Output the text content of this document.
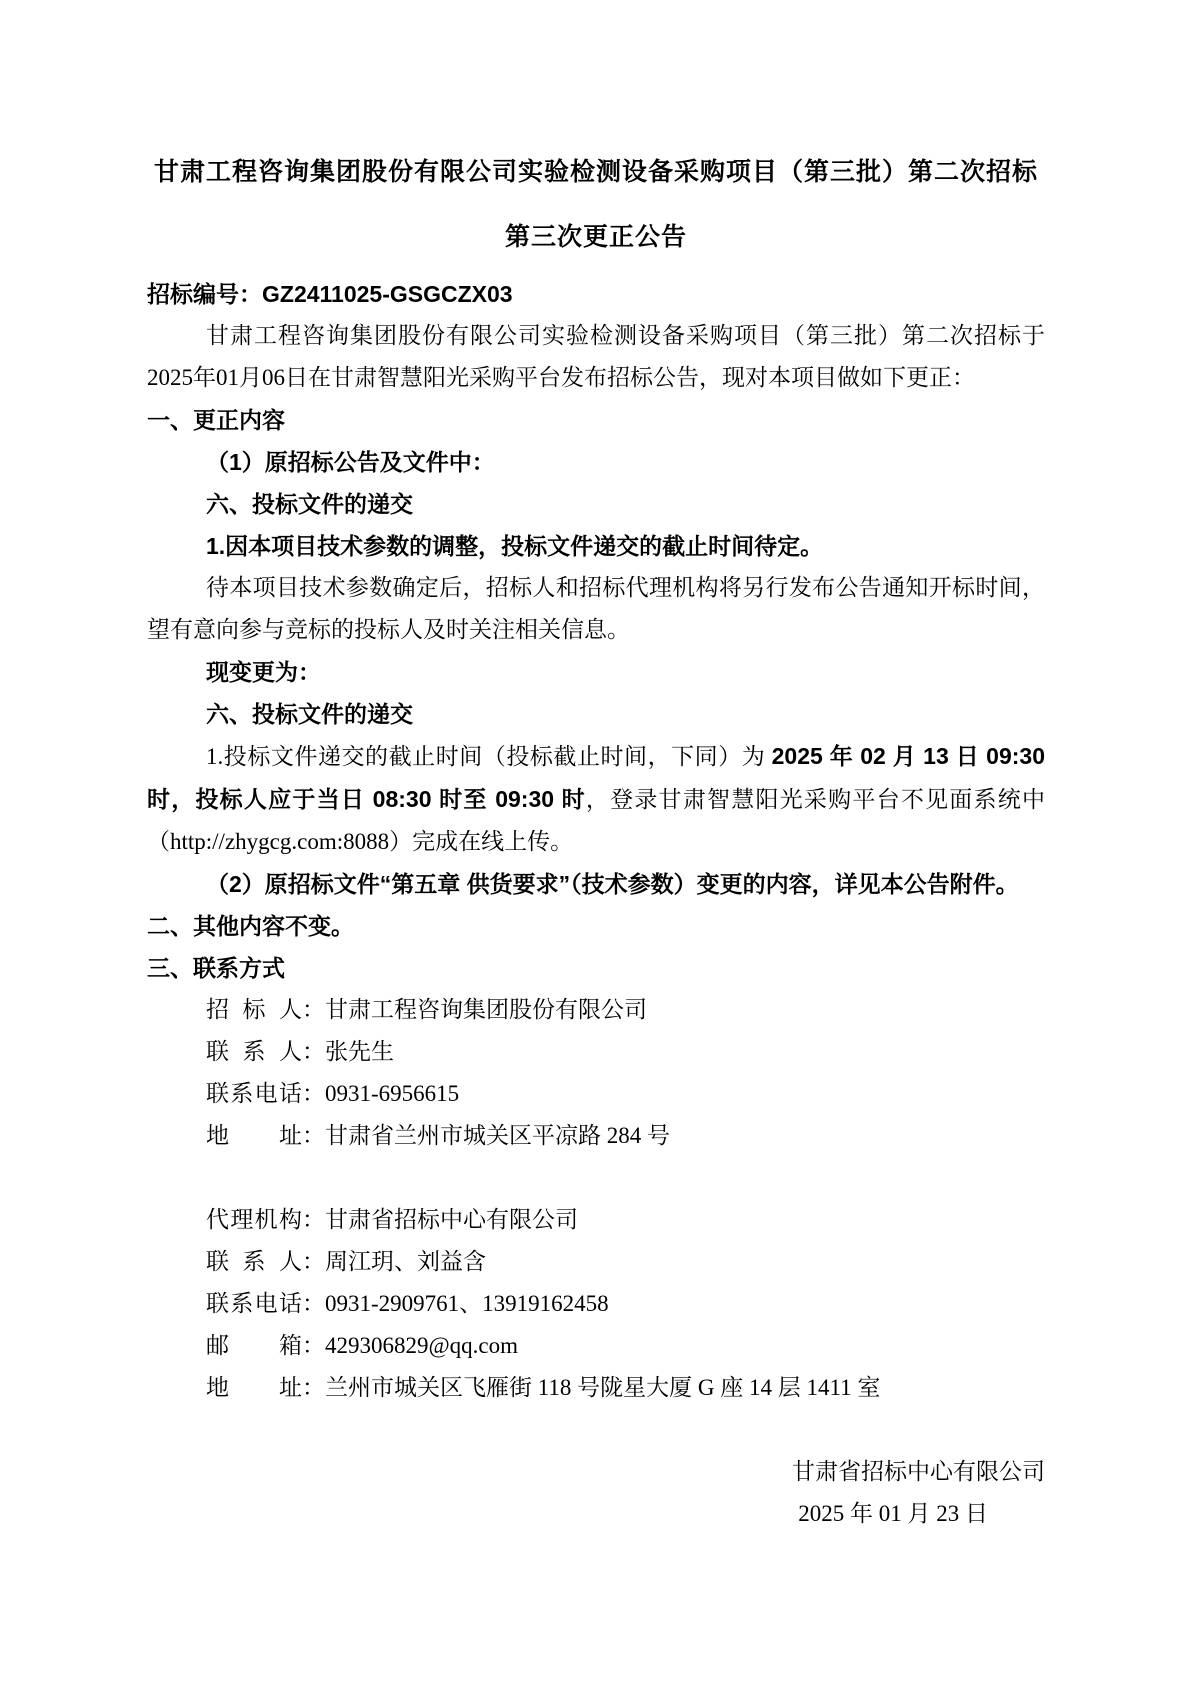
甘肃工程咨询集团股份有限公司实验检测设备采购项目（第三批）第二次招标
第三次更正公告
招标编号：GZ2411025-GSGCZX03
甘肃工程咨询集团股份有限公司实验检测设备采购项目（第三批）第二次招标于2025年01月06日在甘肃智慧阳光采购平台发布招标公告，现对本项目做如下更正：
一、更正内容
（1）原招标公告及文件中：
六、投标文件的递交
1.因本项目技术参数的调整，投标文件递交的截止时间待定。
待本项目技术参数确定后，招标人和招标代理机构将另行发布公告通知开标时间，望有意向参与竞标的投标人及时关注相关信息。
现变更为：
六、投标文件的递交
1.投标文件递交的截止时间（投标截止时间，下同）为 2025 年 02 月 13 日 09:30 时，投标人应于当日 08:30 时至 09:30 时，登录甘肃智慧阳光采购平台不见面系统中（http://zhygcg.com:8088）完成在线上传。
（2）原招标文件“第五章 供货要求”（技术参数）变更的内容，详见本公告附件。
二、其他内容不变。
三、联系方式
招标人：甘肃工程咨询集团股份有限公司
联系人：张先生
联系电话：0931-6956615
地址：甘肃省兰州市城关区平凉路 284 号
代理机构：甘肃省招标中心有限公司
联系人：周江玥、刘益含
联系电话：0931-2909761、13919162458
邮箱：429306829@qq.com
地址：兰州市城关区飞雁街 118 号陇星大厦 G 座 14 层 1411 室
甘肃省招标中心有限公司
2025 年 01 月 23 日
